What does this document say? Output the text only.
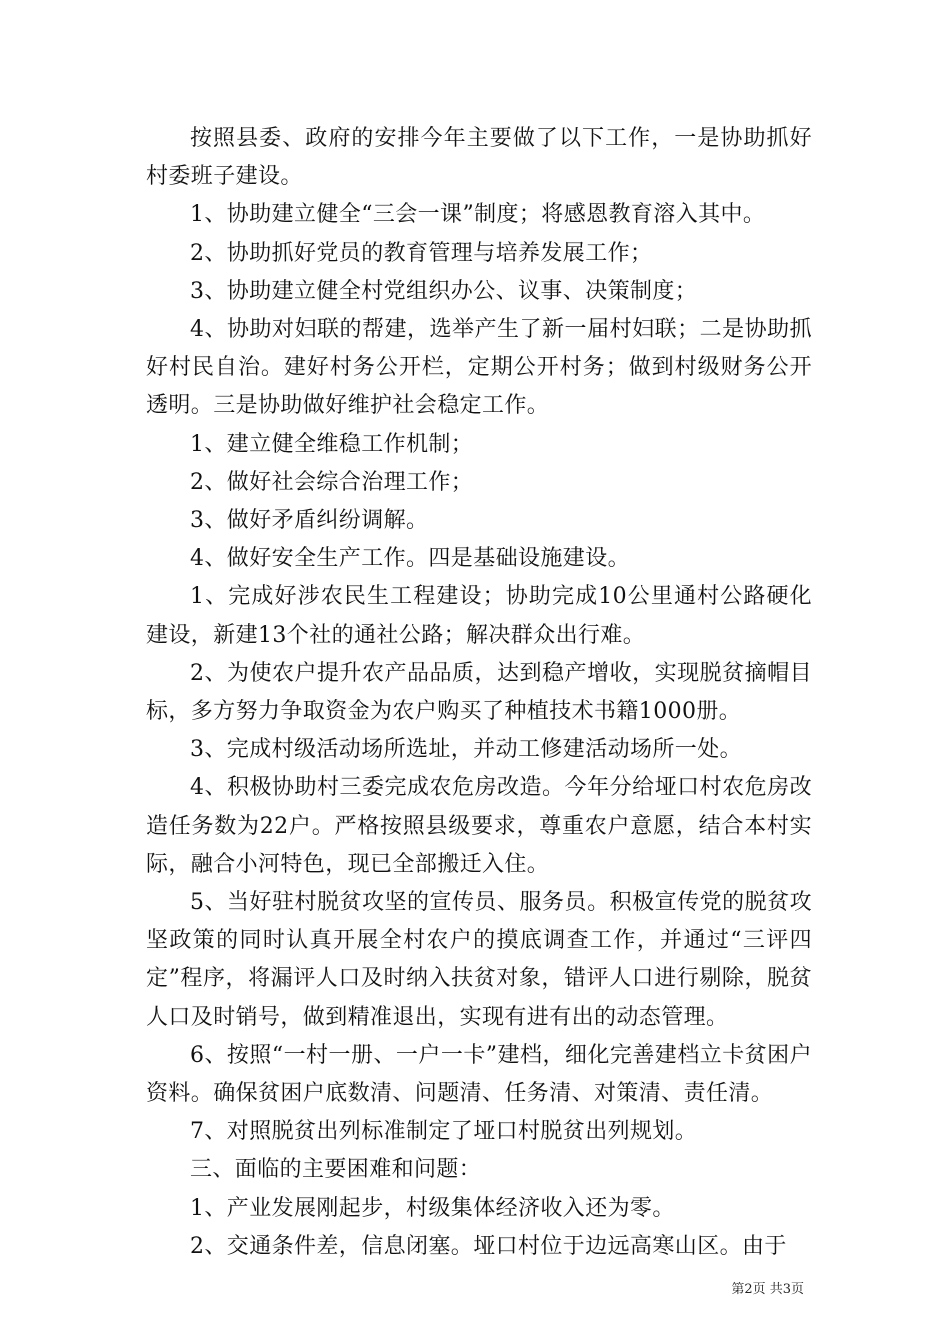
按照县委、政府的安排今年主要做了以下工作，一是协助抓好村委班子建设。

1、协助建立健全“三会一课”制度；将感恩教育溶入其中。

2、协助抓好党员的教育管理与培养发展工作；

3、协助建立健全村党组织办公、议事、决策制度；

4、协助对妇联的帮建，选举产生了新一届村妇联；二是协助抓好村民自治。建好村务公开栏，定期公开村务；做到村级财务公开透明。三是协助做好维护社会稳定工作。

1、建立健全维稳工作机制；

2、做好社会综合治理工作；

3、做好矛盾纠纷调解。

4、做好安全生产工作。四是基础设施建设。

1、完成好涉农民生工程建设；协助完成10公里通村公路硬化建设，新建13个社的通社公路；解决群众出行难。

2、为使农户提升农产品品质，达到稳产增收，实现脱贫摘帽目标，多方努力争取资金为农户购买了种植技术书籍1000册。

3、完成村级活动场所选址，并动工修建活动场所一处。

4、积极协助村三委完成农危房改造。今年分给垭口村农危房改造任务数为22户。严格按照县级要求，尊重农户意愿，结合本村实际，融合小河特色，现已全部搬迁入住。

5、当好驻村脱贫攻坚的宣传员、服务员。积极宣传党的脱贫攻坚政策的同时认真开展全村农户的摸底调查工作，并通过“三评四定”程序，将漏评人口及时纳入扶贫对象，错评人口进行剔除，脱贫人口及时销号，做到精准退出，实现有进有出的动态管理。

6、按照“一村一册、一户一卡”建档，细化完善建档立卡贫困户资料。确保贫困户底数清、问题清、任务清、对策清、责任清。

7、对照脱贫出列标准制定了垭口村脱贫出列规划。

三、面临的主要困难和问题：

1、产业发展刚起步，村级集体经济收入还为零。

2、交通条件差，信息闭塞。垭口村位于边远高寒山区。由于

第2页 共3页
